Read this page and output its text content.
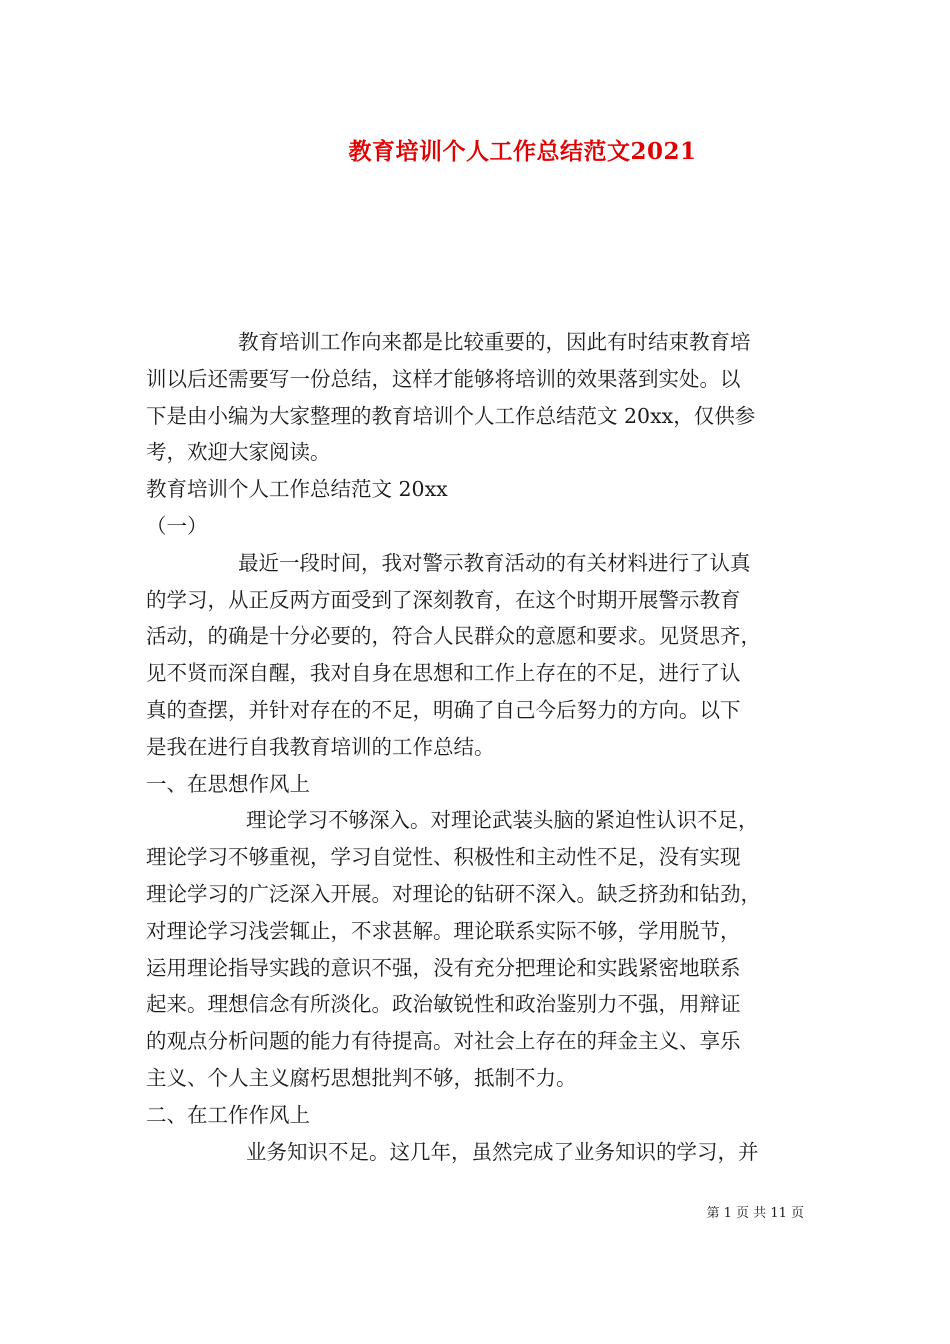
教育培训个人工作总结范文2021

教育培训工作向来都是比较重要的，因此有时结束教育培

训以后还需要写一份总结，这样才能够将培训的效果落到实处。以

下是由小编为大家整理的教育培训个人工作总结范文 20xx，仅供参

考，欢迎大家阅读。

教育培训个人工作总结范文 20xx

（一）

最近一段时间，我对警示教育活动的有关材料进行了认真

的学习，从正反两方面受到了深刻教育，在这个时期开展警示教育

活动，的确是十分必要的，符合人民群众的意愿和要求。见贤思齐，

见不贤而深自醒，我对自身在思想和工作上存在的不足，进行了认

真的查摆，并针对存在的不足，明确了自己今后努力的方向。以下

是我在进行自我教育培训的工作总结。

一、在思想作风上

理论学习不够深入。对理论武装头脑的紧迫性认识不足，

理论学习不够重视，学习自觉性、积极性和主动性不足，没有实现

理论学习的广泛深入开展。对理论的钻研不深入。缺乏挤劲和钻劲，

对理论学习浅尝辄止，不求甚解。理论联系实际不够，学用脱节，

运用理论指导实践的意识不强，没有充分把理论和实践紧密地联系

起来。理想信念有所淡化。政治敏锐性和政治鉴别力不强，用辩证

的观点分析问题的能力有待提高。对社会上存在的拜金主义、享乐

主义、个人主义腐朽思想批判不够，抵制不力。

二、在工作作风上

业务知识不足。这几年，虽然完成了业务知识的学习，并

第 1 页 共 11 页
